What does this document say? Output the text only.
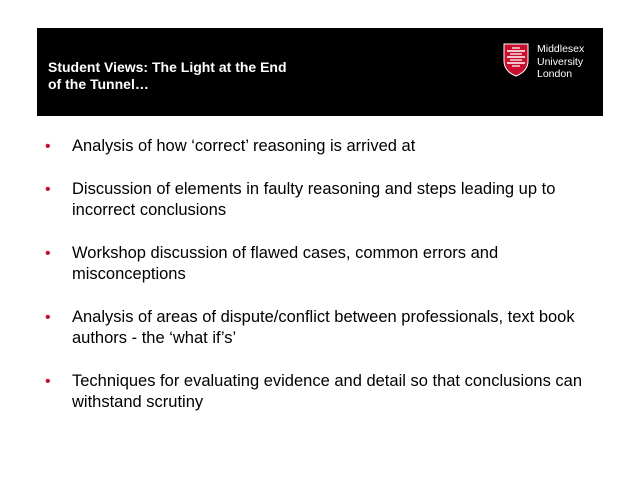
Student Views: The Light at the End
of the Tunnel…
Middlesex
University
London
• Analysis of how ‘correct’ reasoning is arrived at
• Discussion of elements in faulty reasoning and steps leading up to incorrect conclusions
• Workshop discussion of flawed cases, common errors and misconceptions
• Analysis of areas of dispute/conflict between professionals, text book authors - the ‘what if’s’
• Techniques for evaluating evidence and detail so that conclusions can withstand scrutiny
